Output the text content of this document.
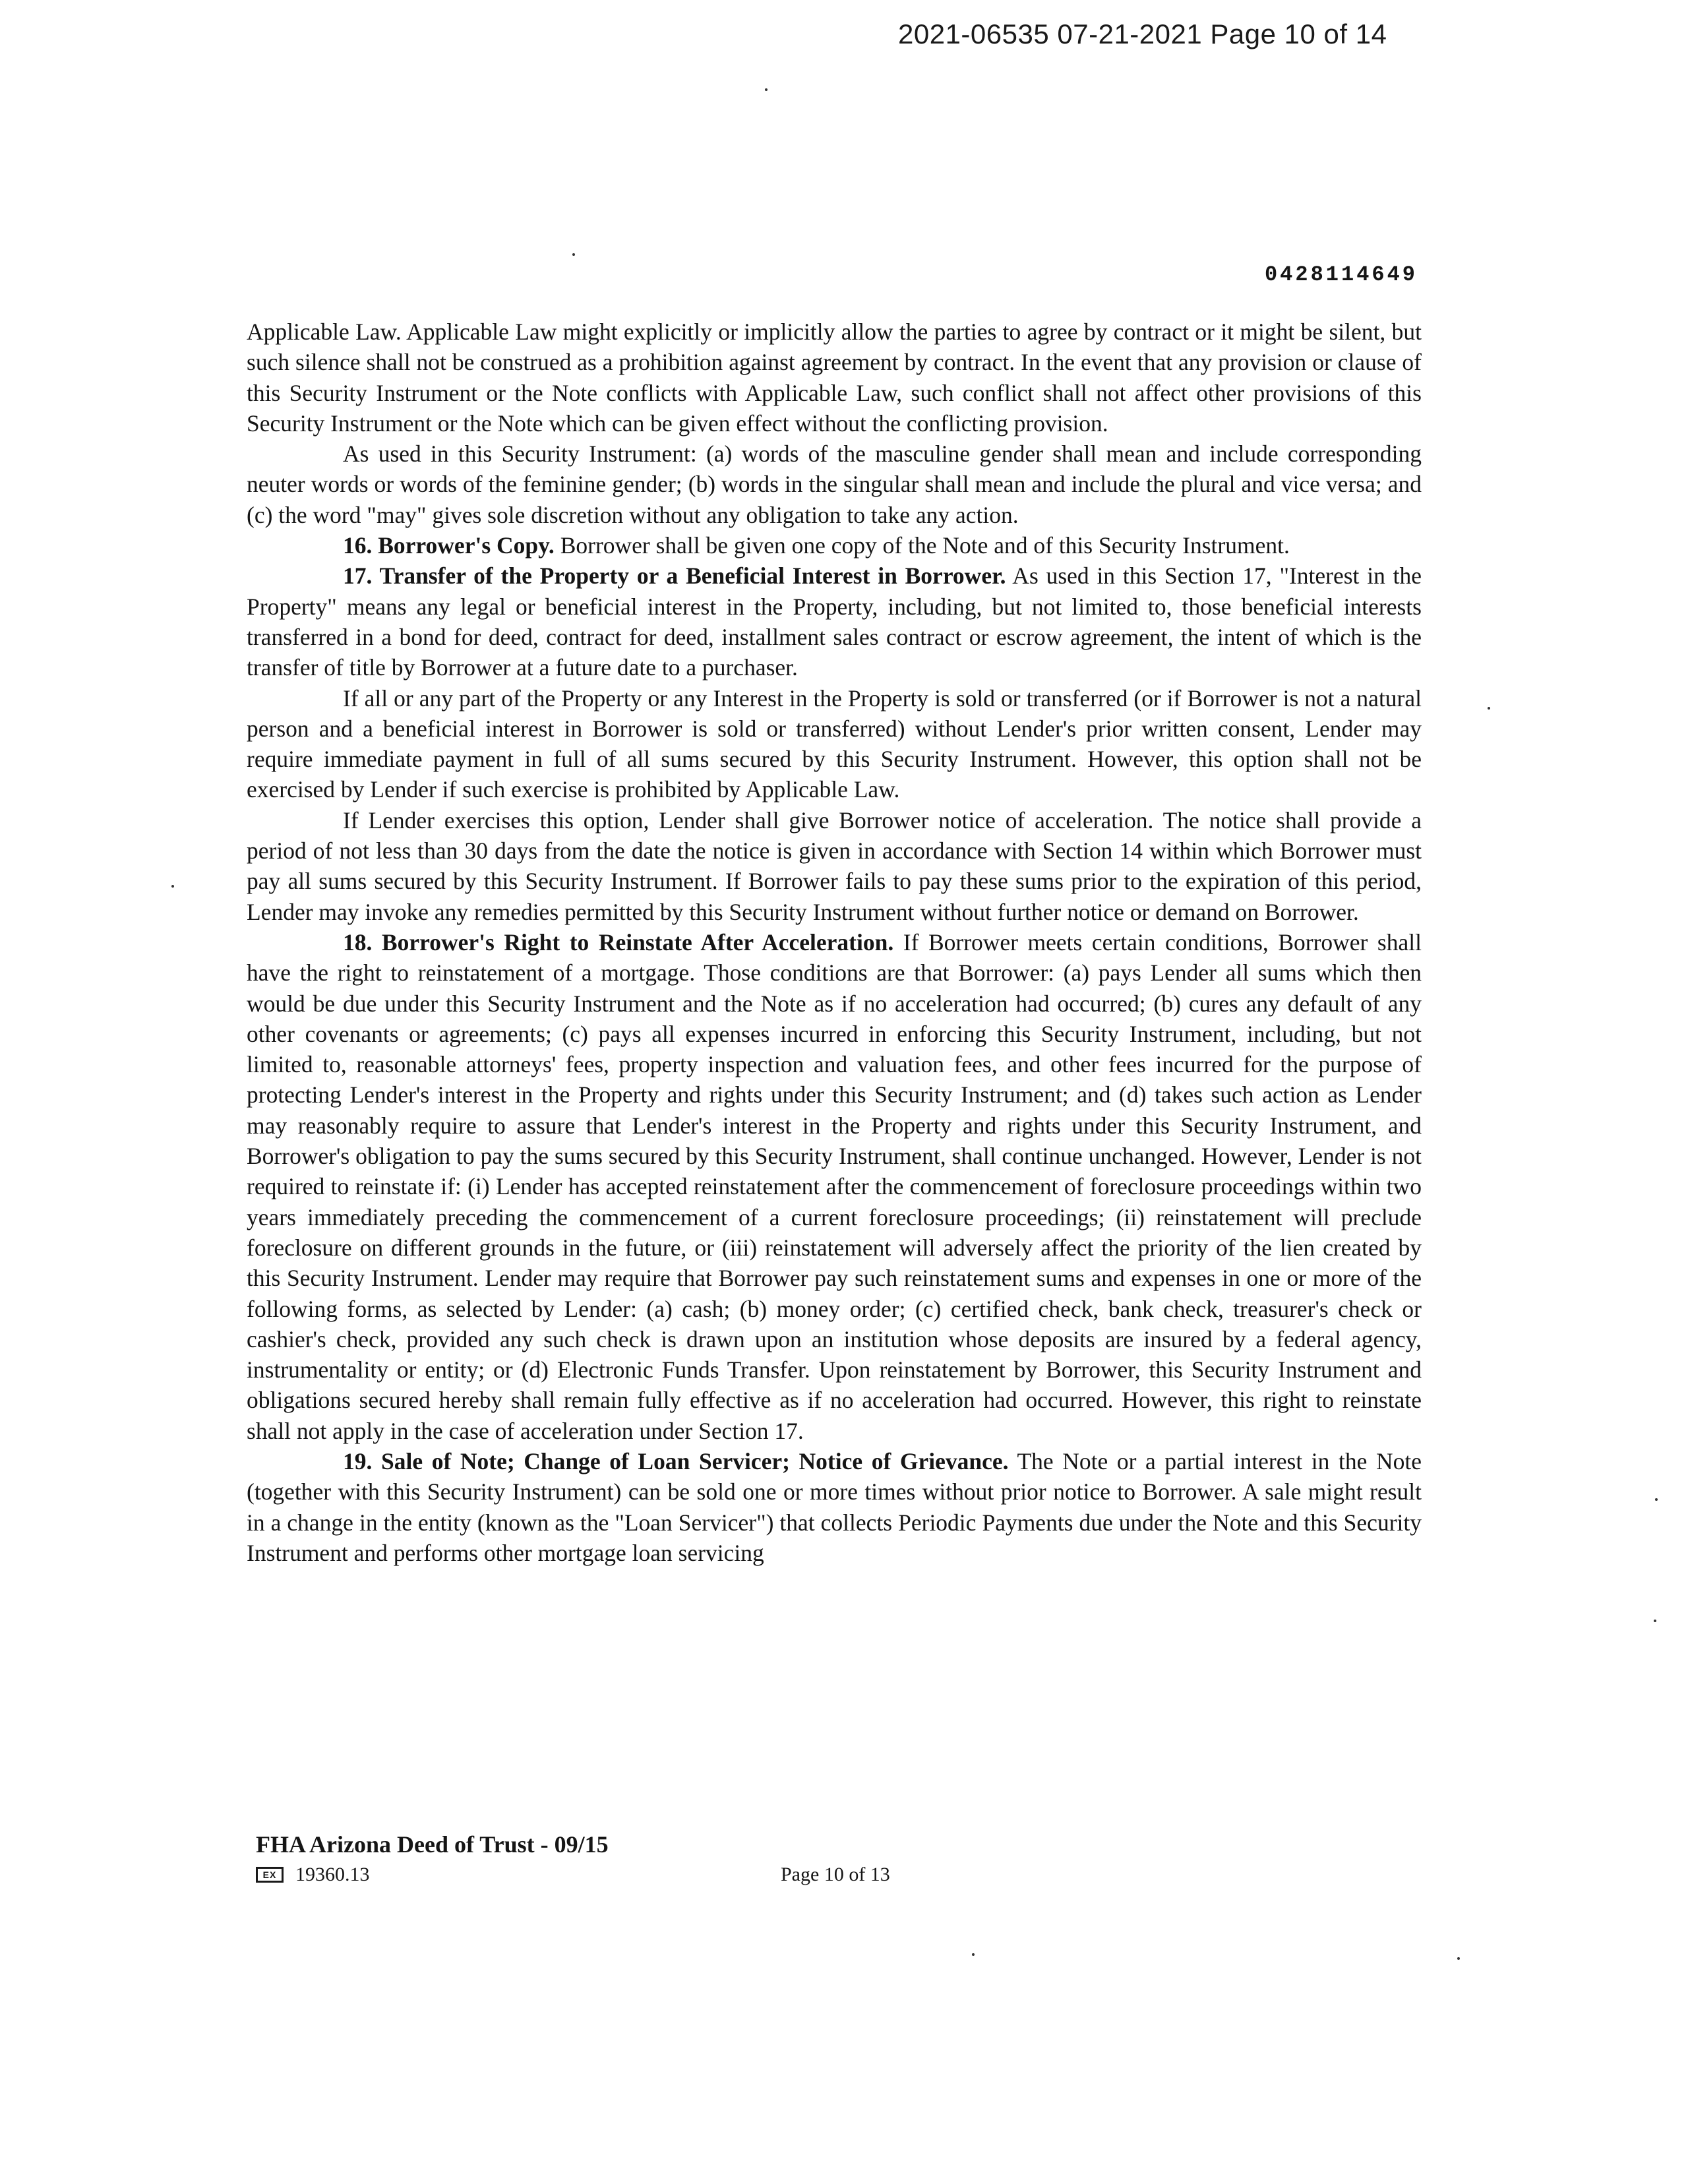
2021-06535 07-21-2021 Page 10 of 14
0428114649

Applicable Law. Applicable Law might explicitly or implicitly allow the parties to agree by contract or it might be silent, but such silence shall not be construed as a prohibition against agreement by contract. In the event that any provision or clause of this Security Instrument or the Note conflicts with Applicable Law, such conflict shall not affect other provisions of this Security Instrument or the Note which can be given effect without the conflicting provision.

As used in this Security Instrument: (a) words of the masculine gender shall mean and include corresponding neuter words or words of the feminine gender; (b) words in the singular shall mean and include the plural and vice versa; and (c) the word "may" gives sole discretion without any obligation to take any action.

16. Borrower's Copy. Borrower shall be given one copy of the Note and of this Security Instrument.

17. Transfer of the Property or a Beneficial Interest in Borrower. As used in this Section 17, "Interest in the Property" means any legal or beneficial interest in the Property, including, but not limited to, those beneficial interests transferred in a bond for deed, contract for deed, installment sales contract or escrow agreement, the intent of which is the transfer of title by Borrower at a future date to a purchaser.

If all or any part of the Property or any Interest in the Property is sold or transferred (or if Borrower is not a natural person and a beneficial interest in Borrower is sold or transferred) without Lender's prior written consent, Lender may require immediate payment in full of all sums secured by this Security Instrument. However, this option shall not be exercised by Lender if such exercise is prohibited by Applicable Law.

If Lender exercises this option, Lender shall give Borrower notice of acceleration. The notice shall provide a period of not less than 30 days from the date the notice is given in accordance with Section 14 within which Borrower must pay all sums secured by this Security Instrument. If Borrower fails to pay these sums prior to the expiration of this period, Lender may invoke any remedies permitted by this Security Instrument without further notice or demand on Borrower.

18. Borrower's Right to Reinstate After Acceleration. If Borrower meets certain conditions, Borrower shall have the right to reinstatement of a mortgage. Those conditions are that Borrower: (a) pays Lender all sums which then would be due under this Security Instrument and the Note as if no acceleration had occurred; (b) cures any default of any other covenants or agreements; (c) pays all expenses incurred in enforcing this Security Instrument, including, but not limited to, reasonable attorneys' fees, property inspection and valuation fees, and other fees incurred for the purpose of protecting Lender's interest in the Property and rights under this Security Instrument; and (d) takes such action as Lender may reasonably require to assure that Lender's interest in the Property and rights under this Security Instrument, and Borrower's obligation to pay the sums secured by this Security Instrument, shall continue unchanged. However, Lender is not required to reinstate if: (i) Lender has accepted reinstatement after the commencement of foreclosure proceedings within two years immediately preceding the commencement of a current foreclosure proceedings; (ii) reinstatement will preclude foreclosure on different grounds in the future, or (iii) reinstatement will adversely affect the priority of the lien created by this Security Instrument. Lender may require that Borrower pay such reinstatement sums and expenses in one or more of the following forms, as selected by Lender: (a) cash; (b) money order; (c) certified check, bank check, treasurer's check or cashier's check, provided any such check is drawn upon an institution whose deposits are insured by a federal agency, instrumentality or entity; or (d) Electronic Funds Transfer. Upon reinstatement by Borrower, this Security Instrument and obligations secured hereby shall remain fully effective as if no acceleration had occurred. However, this right to reinstate shall not apply in the case of acceleration under Section 17.

19. Sale of Note; Change of Loan Servicer; Notice of Grievance. The Note or a partial interest in the Note (together with this Security Instrument) can be sold one or more times without prior notice to Borrower. A sale might result in a change in the entity (known as the "Loan Servicer") that collects Periodic Payments due under the Note and this Security Instrument and performs other mortgage loan servicing

FHA Arizona Deed of Trust - 09/15
EX 19360.13	Page 10 of 13
